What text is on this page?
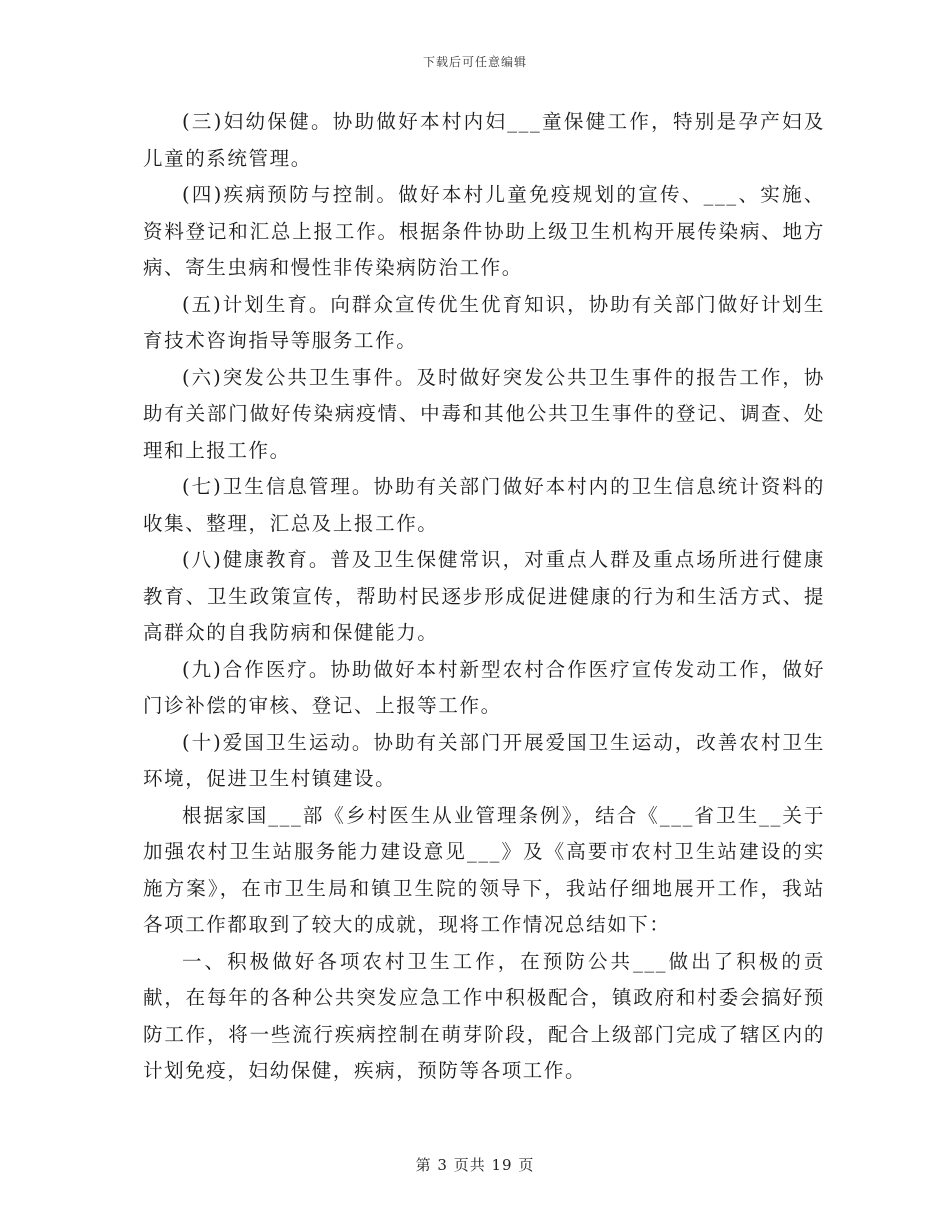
下载后可任意编辑

(三)妇幼保健。协助做好本村内妇___童保健工作，特别是孕产妇及儿童的系统管理。

(四)疾病预防与控制。做好本村儿童免疫规划的宣传、___、实施、资料登记和汇总上报工作。根据条件协助上级卫生机构开展传染病、地方病、寄生虫病和慢性非传染病防治工作。

(五)计划生育。向群众宣传优生优育知识，协助有关部门做好计划生育技术咨询指导等服务工作。

(六)突发公共卫生事件。及时做好突发公共卫生事件的报告工作，协助有关部门做好传染病疫情、中毒和其他公共卫生事件的登记、调查、处理和上报工作。

(七)卫生信息管理。协助有关部门做好本村内的卫生信息统计资料的收集、整理，汇总及上报工作。

(八)健康教育。普及卫生保健常识，对重点人群及重点场所进行健康教育、卫生政策宣传，帮助村民逐步形成促进健康的行为和生活方式、提高群众的自我防病和保健能力。

(九)合作医疗。协助做好本村新型农村合作医疗宣传发动工作，做好门诊补偿的审核、登记、上报等工作。

(十)爱国卫生运动。协助有关部门开展爱国卫生运动，改善农村卫生环境，促进卫生村镇建设。

根据家国___部《乡村医生从业管理条例》，结合《___省卫生__关于加强农村卫生站服务能力建设意见___》及《高要市农村卫生站建设的实施方案》，在市卫生局和镇卫生院的领导下，我站仔细地展开工作，我站各项工作都取到了较大的成就，现将工作情况总结如下：

一、积极做好各项农村卫生工作，在预防公共___做出了积极的贡献，在每年的各种公共突发应急工作中积极配合，镇政府和村委会搞好预防工作，将一些流行疾病控制在萌芽阶段，配合上级部门完成了辖区内的计划免疫，妇幼保健，疾病，预防等各项工作。

第 3 页共 19 页
